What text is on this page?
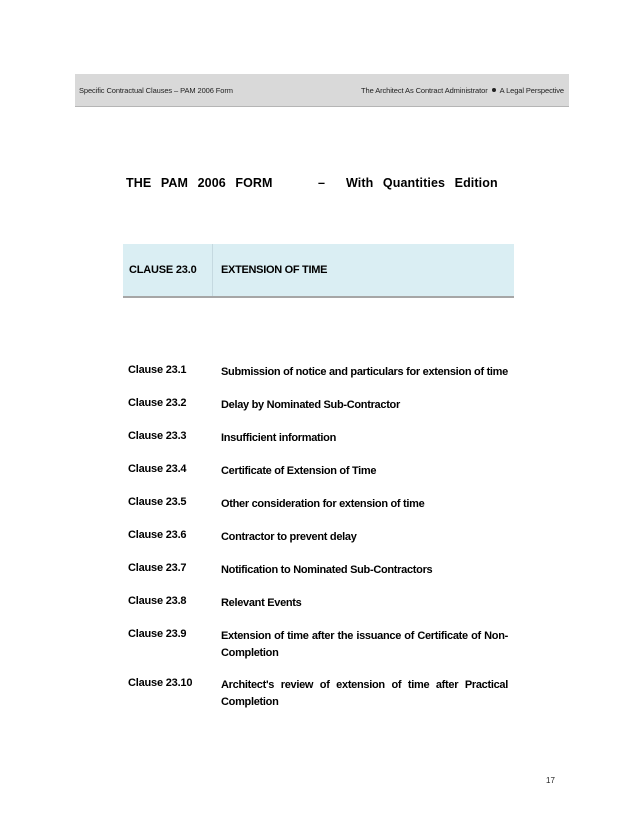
Specific Contractual Clauses – PAM 2006 Form	The Architect As Contract Administrator A Legal Perspective
THE PAM 2006 FORM	– With Quantities Edition
CLAUSE 23.0 EXTENSION OF TIME
Clause 23.1	Submission of notice and particulars for extension of time
Clause 23.2	Delay by Nominated Sub-Contractor
Clause 23.3	Insufficient information
Clause 23.4	Certificate of Extension of Time
Clause 23.5	Other consideration for extension of time
Clause 23.6	Contractor to prevent delay
Clause 23.7	Notification to Nominated Sub-Contractors
Clause 23.8	Relevant Events
Clause 23.9	Extension of time after the issuance of Certificate of Non-Completion
Clause 23.10	Architect's review of extension of time after Practical Completion
17
